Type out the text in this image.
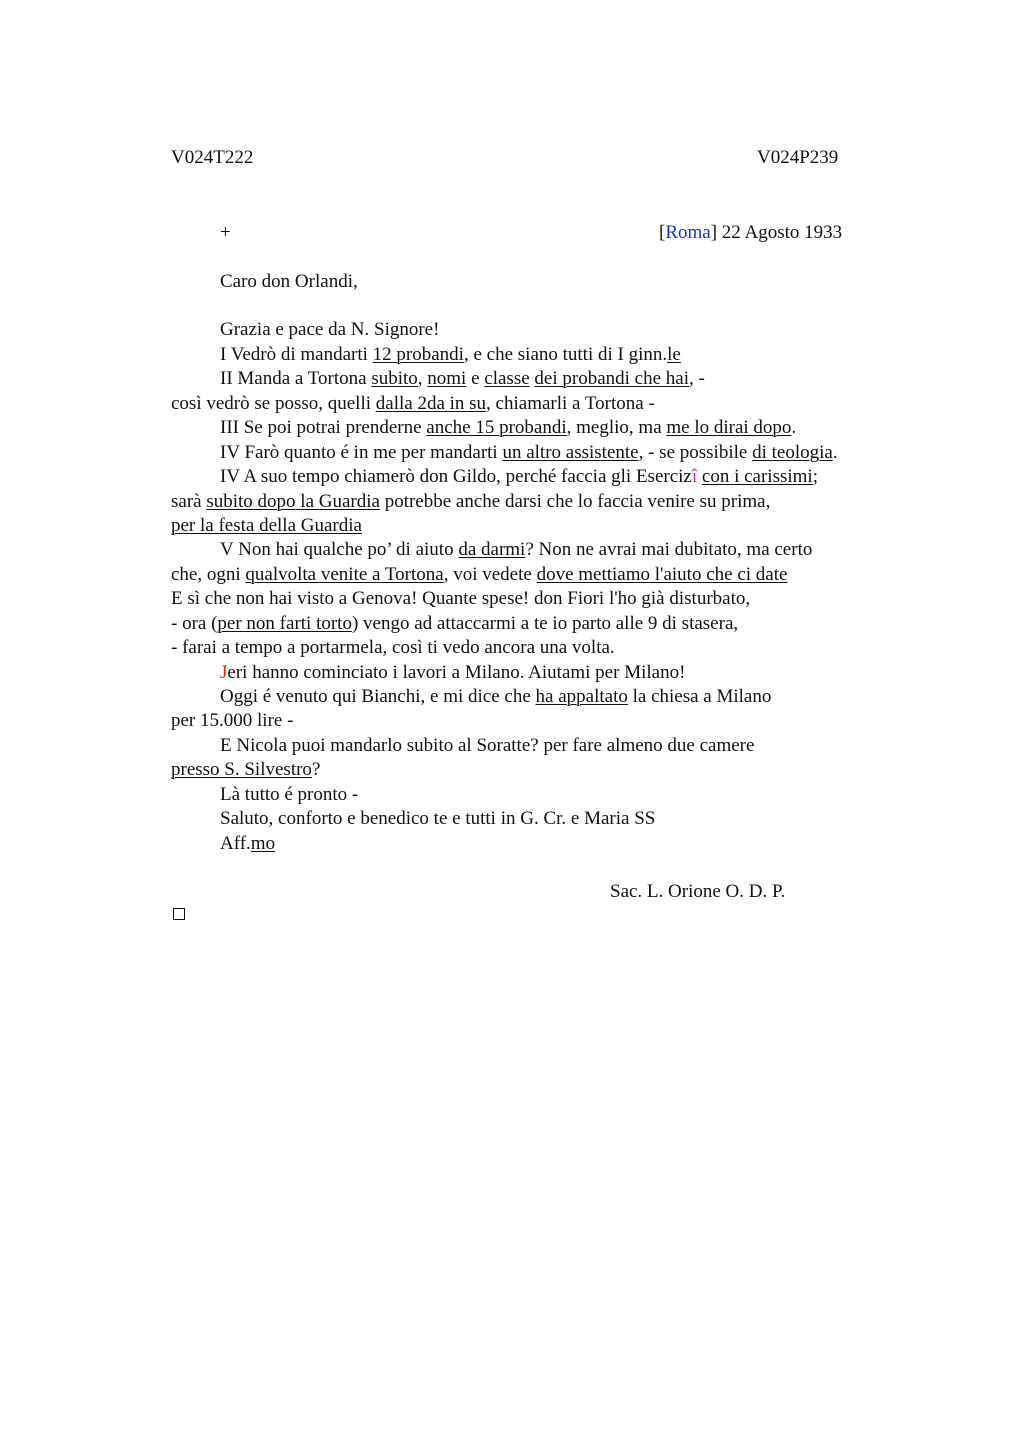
V024T222	V024P239
+	[Roma] 22 Agosto 1933
Caro don Orlandi,
Grazia e pace da N. Signore!
I Vedrò di mandarti 12 probandi, e che siano tutti di I ginn.le
II Manda a Tortona subito, nomi e classe dei probandi che hai, -
così vedrò se posso, quelli dalla 2da in su, chiamarli a Tortona -
III Se poi potrai prenderne anche 15 probandi, meglio, ma me lo dirai dopo.
IV Farò quanto é in me per mandarti un altro assistente, - se possibile di teologia.
IV A suo tempo chiamerò don Gildo, perché faccia gli Esercizî con i carissimi;
sarà subito dopo la Guardia potrebbe anche darsi che lo faccia venire su prima,
per la festa della Guardia
V Non hai qualche po’ di aiuto da darmi? Non ne avrai mai dubitato, ma certo
che, ogni qualvolta venite a Tortona, voi vedete dove mettiamo l'aiuto che ci date
E sì che non hai visto a Genova! Quante spese! don Fiori l'ho già disturbato,
- ora (per non farti torto) vengo ad attaccarmi a te io parto alle 9 di stasera,
- farai a tempo a portarmela, così ti vedo ancora una volta.
Jeri hanno cominciato i lavori a Milano. Aiutami per Milano!
Oggi é venuto qui Bianchi, e mi dice che ha appaltato la chiesa a Milano
per 15.000 lire -
E Nicola puoi mandarlo subito al Soratte? per fare almeno due camere
presso S. Silvestro?
Là tutto é pronto -
Saluto, conforto e benedico te e tutti in G. Cr. e Maria SS
Aff.mo
Sac. L. Orione O. D. P.
